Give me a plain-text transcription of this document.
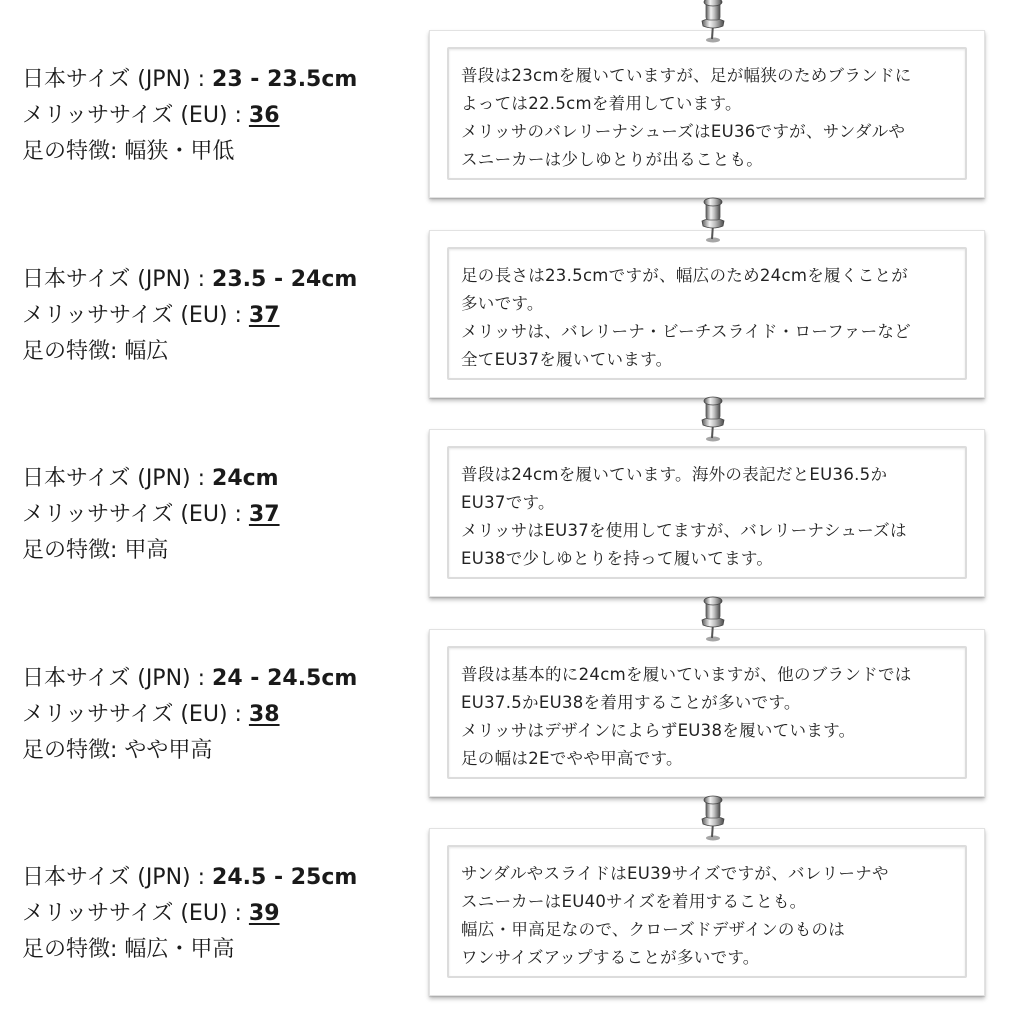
日本サイズ (JPN) : 23 - 23.5cm
メリッササイズ (EU) : 36
足の特徴: 幅狭・甲低
普段は23cmを履いていますが、足が幅狭のためブランドに
よっては22.5cmを着用しています。
メリッサのバレリーナシューズはEU36ですが、サンダルや
スニーカーは少しゆとりが出ることも。
日本サイズ (JPN) : 23.5 - 24cm
メリッササイズ (EU) : 37
足の特徴: 幅広
足の長さは23.5cmですが、幅広のため24cmを履くことが
多いです。
メリッサは、バレリーナ・ビーチスライド・ローファーなど
全てEU37を履いています。
日本サイズ (JPN) : 24cm
メリッササイズ (EU) : 37
足の特徴: 甲高
普段は24cmを履いています。海外の表記だとEU36.5か
EU37です。
メリッサはEU37を使用してますが、バレリーナシューズは
EU38で少しゆとりを持って履いてます。
日本サイズ (JPN) : 24 - 24.5cm
メリッササイズ (EU) : 38
足の特徴: やや甲高
普段は基本的に24cmを履いていますが、他のブランドでは
EU37.5かEU38を着用することが多いです。
メリッサはデザインによらずEU38を履いています。
足の幅は2Eでやや甲高です。
日本サイズ (JPN) : 24.5 - 25cm
メリッササイズ (EU) : 39
足の特徴: 幅広・甲高
サンダルやスライドはEU39サイズですが、バレリーナや
スニーカーはEU40サイズを着用することも。
幅広・甲高足なので、クローズドデザインのものは
ワンサイズアップすることが多いです。
